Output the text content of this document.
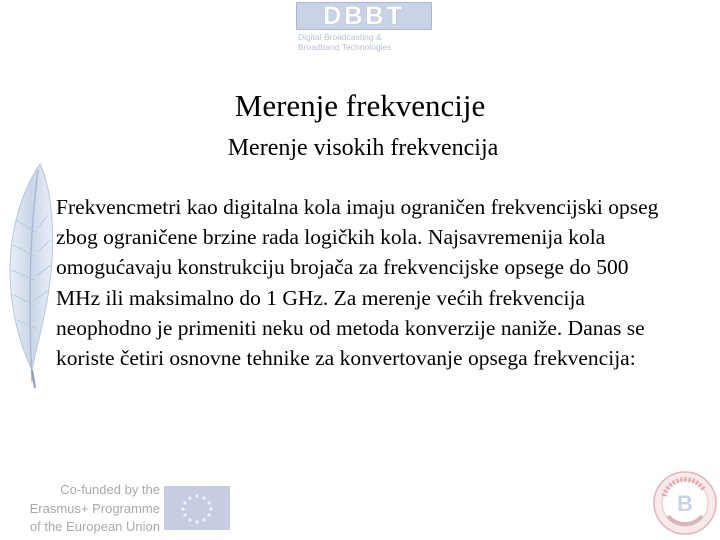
DBBT
Digital Broadcasting &
Broadband Technologies
Merenje frekvencije
Merenje visokih frekvencija
Frekvencmetri kao digitalna kola imaju ograničen frekvencijski opseg zbog ograničene brzine rada logičkih kola. Najsavremenija kola omogućavaju konstrukciju brojača za frekvencijske opsege do 500 MHz ili maksimalno do 1 GHz. Za merenje većih frekvencija neophodno je primeniti neku od metoda konverzije naniže. Danas se koriste četiri osnovne tehnike za konvertovanje opsega frekvencija:
Co-funded by the
Erasmus+ Programme
of the European Union
B
